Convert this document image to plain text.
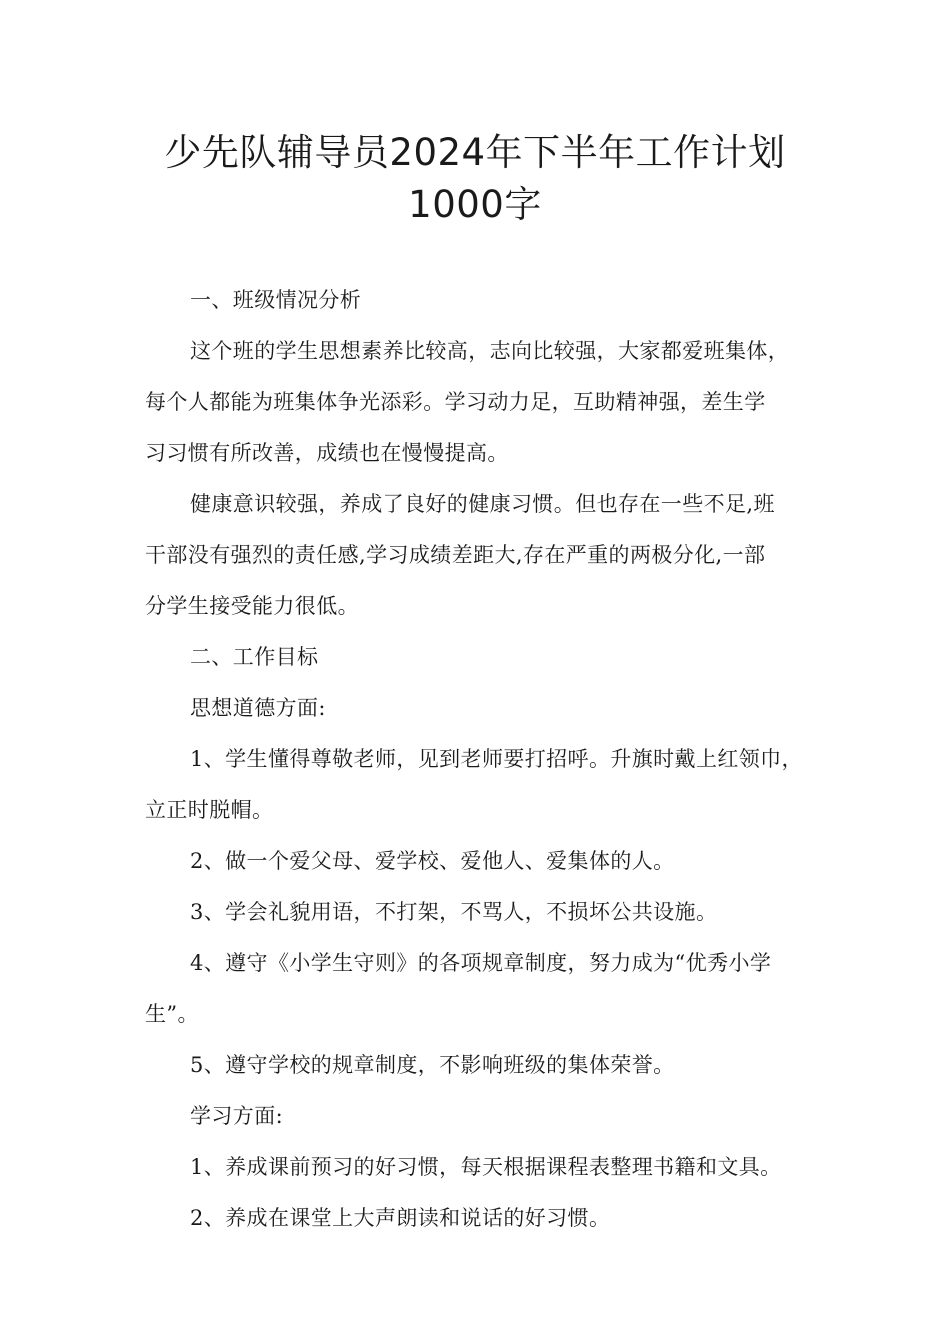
少先队辅导员2024年下半年工作计划
1000字
一、班级情况分析
这个班的学生思想素养比较高，志向比较强，大家都爱班集体，
每个人都能为班集体争光添彩。学习动力足，互助精神强，差生学
习习惯有所改善，成绩也在慢慢提高。
健康意识较强，养成了良好的健康习惯。但也存在一些不足,班
干部没有强烈的责任感,学习成绩差距大,存在严重的两极分化,一部
分学生接受能力很低。
二、工作目标
思想道德方面:
1、学生懂得尊敬老师，见到老师要打招呼。升旗时戴上红领巾，
立正时脱帽。
2、做一个爱父母、爱学校、爱他人、爱集体的人。
3、学会礼貌用语，不打架，不骂人，不损坏公共设施。
4、遵守《小学生守则》的各项规章制度，努力成为“优秀小学
生”。
5、遵守学校的规章制度，不影响班级的集体荣誉。
学习方面:
1、养成课前预习的好习惯，每天根据课程表整理书籍和文具。
2、养成在课堂上大声朗读和说话的好习惯。
